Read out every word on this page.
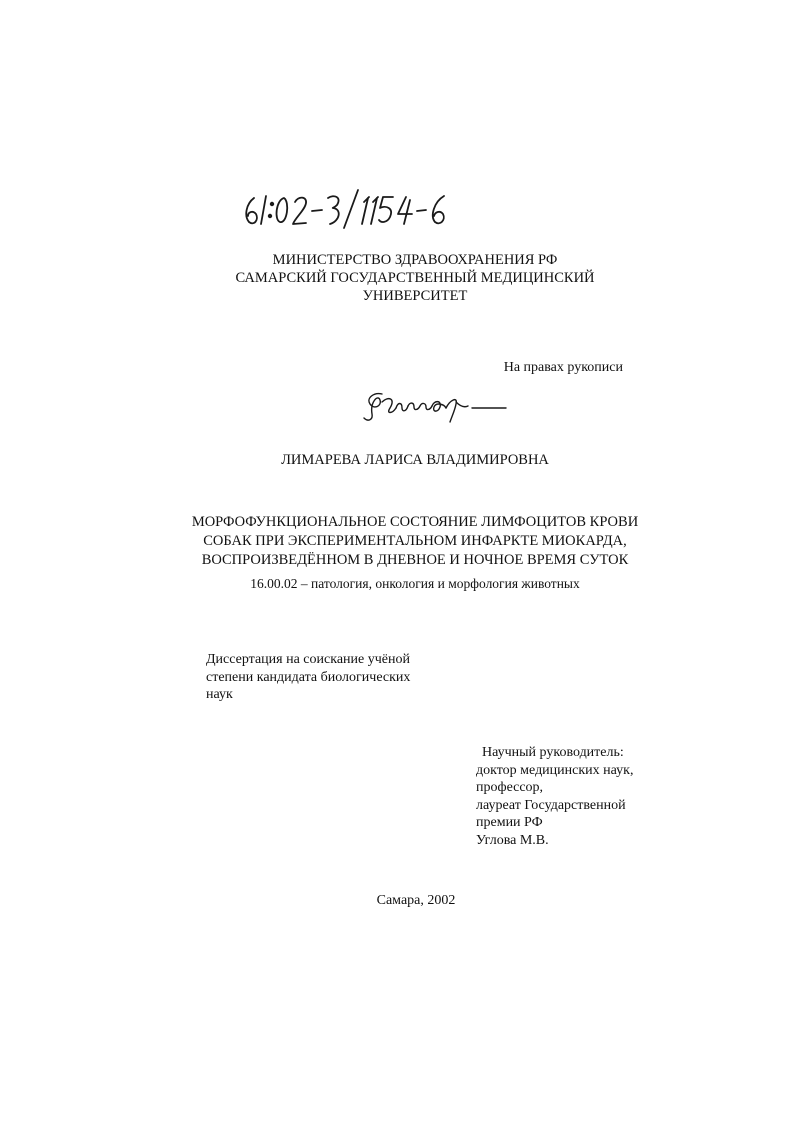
МИНИСТЕРСТВО ЗДРАВООХРАНЕНИЯ РФ
САМАРСКИЙ ГОСУДАРСТВЕННЫЙ МЕДИЦИНСКИЙ
УНИВЕРСИТЕТ
На правах рукописи
ЛИМАРЕВА ЛАРИСА ВЛАДИМИРОВНА
МОРФОФУНКЦИОНАЛЬНОЕ СОСТОЯНИЕ ЛИМФОЦИТОВ КРОВИ
СОБАК ПРИ ЭКСПЕРИМЕНТАЛЬНОМ ИНФАРКТЕ МИОКАРДА,
ВОСПРОИЗВЕДЁННОМ В ДНЕВНОЕ И НОЧНОЕ ВРЕМЯ СУТОК
16.00.02 – патология, онкология и морфология животных
Диссертация на соискание учёной
степени кандидата биологических
наук
Научный руководитель:
доктор медицинских наук,
профессор,
лауреат Государственной
премии РФ
Углова М.В.
Самара, 2002
